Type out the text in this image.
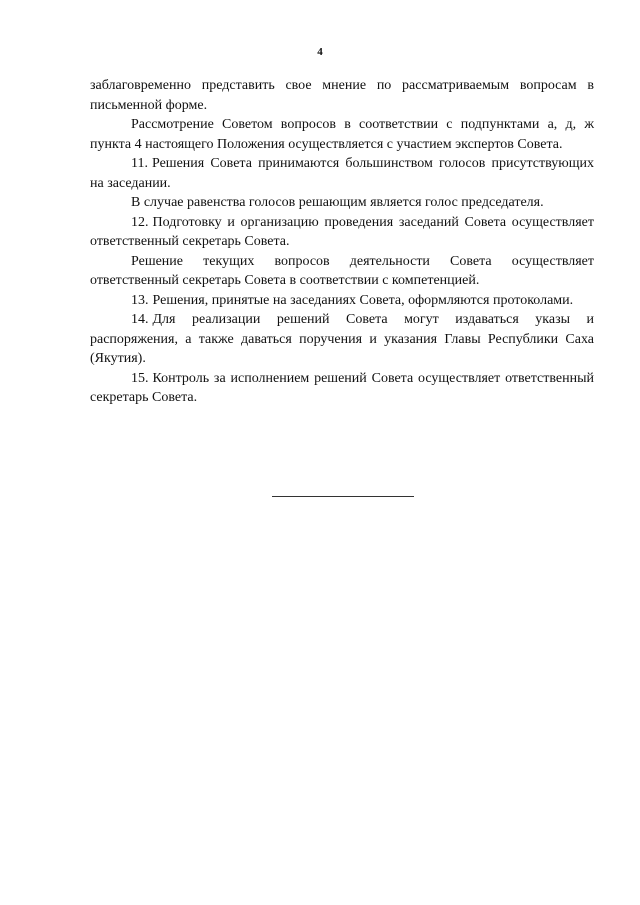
4

заблаговременно представить свое мнение по рассматриваемым вопросам в письменной форме.

Рассмотрение Советом вопросов в соответствии с подпунктами а, д, ж пункта 4 настоящего Положения осуществляется с участием экспертов Совета.

11. Решения Совета принимаются большинством голосов присутствующих на заседании.

В случае равенства голосов решающим является голос председателя.

12. Подготовку и организацию проведения заседаний Совета осуществляет ответственный секретарь Совета.

Решение текущих вопросов деятельности Совета осуществляет ответственный секретарь Совета в соответствии с компетенцией.

13. Решения, принятые на заседаниях Совета, оформляются протоколами.

14. Для реализации решений Совета могут издаваться указы и распоряжения, а также даваться поручения и указания Главы Республики Саха (Якутия).

15. Контроль за исполнением решений Совета осуществляет ответственный секретарь Совета.
